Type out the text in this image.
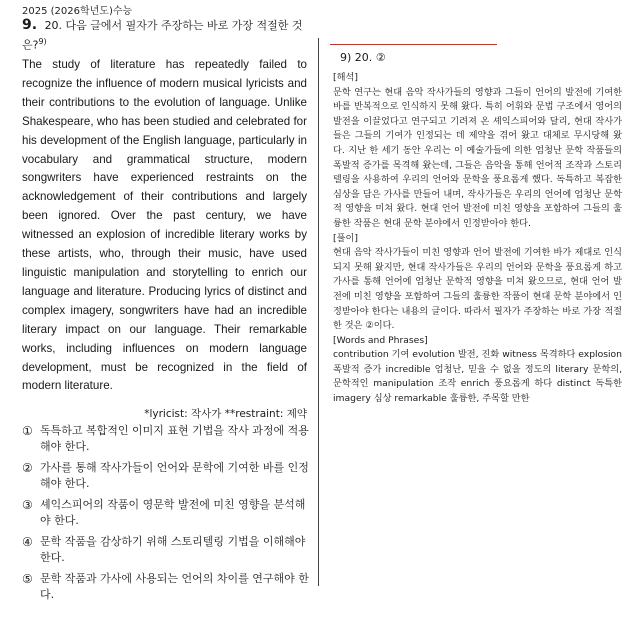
2025 (2026학년도)수능
9. 20. 다음 글에서 필자가 주장하는 바로 가장 적절한 것은?$^{9)}$
The study of literature has repeatedly failed to recognize the influence of modern musical lyricists and their contributions to the evolution of language. Unlike Shakespeare, who has been studied and celebrated for his development of the English language, particularly in vocabulary and grammatical structure, modern songwriters have experienced restraints on the acknowledgement of their contributions and largely been ignored. Over the past century, we have witnessed an explosion of incredible literary works by these artists, who, through their music, have used linguistic manipulation and storytelling to enrich our language and literature. Producing lyrics of distinct and complex imagery, songwriters have had an incredible literary impact on our language. Their remarkable works, including influences on modern language development, must be recognized in the field of modern literature.
*lyricist: 작사가 **restraint: 제약
① 독특하고 복합적인 이미지 표현 기법을 작사 과정에 적용해야 한다.
② 가사를 통해 작사가들이 언어와 문학에 기여한 바를 인정해야 한다.
③ 셰익스피어의 작품이 영문학 발전에 미친 영향을 분석해야 한다.
④ 문학 작품을 감상하기 위해 스토리텔링 기법을 이해해야 한다.
⑤ 문학 작품과 가사에 사용되는 언어의 차이를 연구해야 한다.
9) 20. ②
[해석]

문학 연구는 현대 음악 작사가들의 영향과 그들이 언어의 발전에 기여한 바를 반복적으로 인식하지 못해 왔다. 특히 어휘와 문법 구조에서 영어의 발전을 이끌었다고 연구되고 기려져 온 셰익스피어와 달리, 현대 작사가들은 그들의 기여가 인정되는 데 제약을 겪어 왔고 대체로 무시당해 왔다. 지난 한 세기 동안 우리는 이 예술가들에 의한 엄청난 문학 작품들의 폭발적 증가를 목격해 왔는데, 그들은 음악을 통해 언어적 조작과 스토리텔링을 사용하여 우리의 언어와 문학을 풍요롭게 했다. 독특하고 복잡한 심상을 담은 가사를 만들어 내며, 작사가들은 우리의 언어에 엄청난 문학적 영향을 미쳐 왔다. 현대 언어 발전에 미친 영향을 포함하여 그들의 훌륭한 작품은 현대 문학 분야에서 인정받아야 한다.

[풀이]

현대 음악 작사가들이 미친 영향과 언어 발전에 기여한 바가 제대로 인식되지 못해 왔지만, 현대 작사가들은 우리의 언어와 문학을 풍요롭게 하고 가사를 통해 언어에 엄청난 문학적 영향을 미쳐 왔으므로, 현대 언어 발전에 미친 영향을 포함하여 그들의 훌륭한 작품이 현대 문학 분야에서 인정받아야 한다는 내용의 글이다. 따라서 필자가 주장하는 바로 가장 적절한 것은 ②이다.

[Words and Phrases]

contribution 기여 evolution 발전, 진화 witness 목격하다 explosion 폭발적 증가 incredible 엄청난, 믿을 수 없을 정도의 literary 문학의, 문학적인 manipulation 조작 enrich 풍요롭게 하다 distinct 독특한 imagery 심상 remarkable 훌륭한, 주목할 만한
